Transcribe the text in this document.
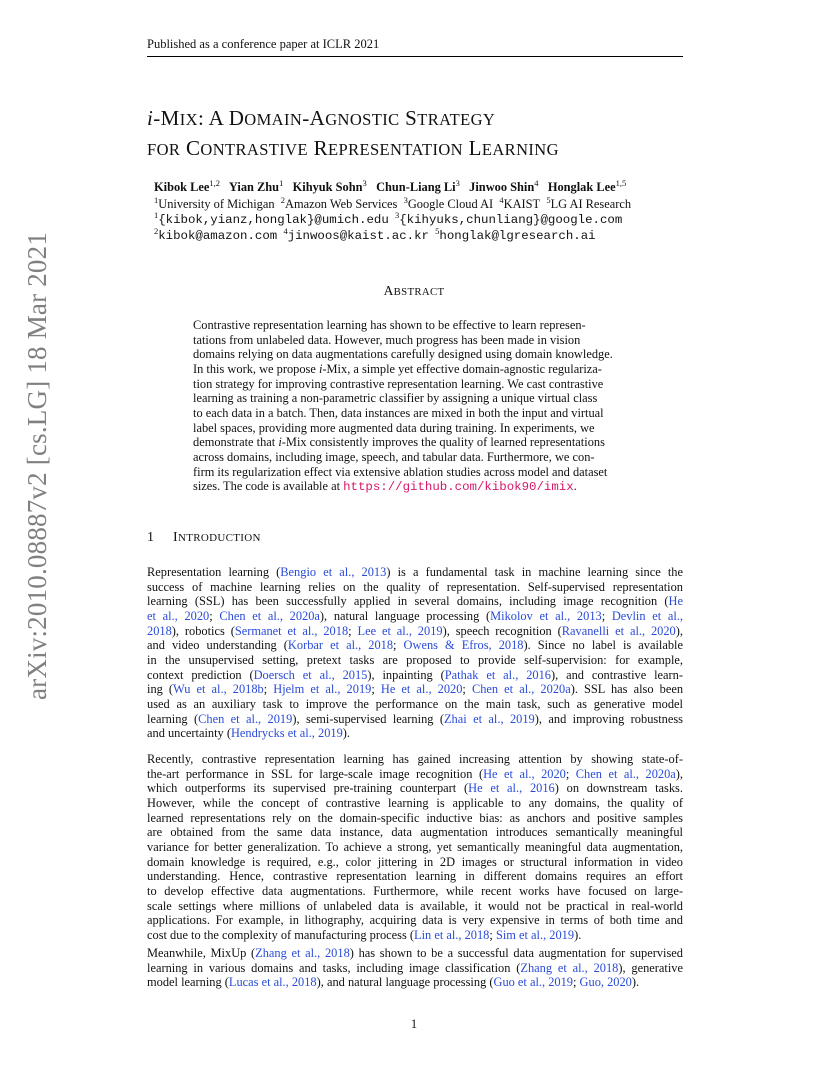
Published as a conference paper at ICLR 2021
arXiv:2010.08887v2 [cs.LG] 18 Mar 2021
i-MIX: A DOMAIN-AGNOSTIC STRATEGY
FOR CONTRASTIVE REPRESENTATION LEARNING
Kibok Lee$^{1,2}$ Yian Zhu$^1$ Kihyuk Sohn$^3$ Chun-Liang Li$^3$ Jinwoo Shin$^4$ Honglak Lee$^{1,5}$
$^1$University of Michigan $^2$Amazon Web Services $^3$Google Cloud AI $^4$KAIST $^5$LG AI Research
$^1${kibok,yianz,honglak}@umich.edu $^3${kihyuks,chunliang}@google.com
$^2$kibok@amazon.com $^4$jinwoos@kaist.ac.kr $^5$honglak@lgresearch.ai
ABSTRACT
Contrastive representation learning has shown to be effective to learn represen-
tations from unlabeled data. However, much progress has been made in vision
domains relying on data augmentations carefully designed using domain knowledge.
In this work, we propose i-Mix, a simple yet effective domain-agnostic regulariza-
tion strategy for improving contrastive representation learning. We cast contrastive
learning as training a non-parametric classifier by assigning a unique virtual class
to each data in a batch. Then, data instances are mixed in both the input and virtual
label spaces, providing more augmented data during training. In experiments, we
demonstrate that i-Mix consistently improves the quality of learned representations
across domains, including image, speech, and tabular data. Furthermore, we con-
firm its regularization effect via extensive ablation studies across model and dataset
sizes. The code is available at https://github.com/kibok90/imix.
1 INTRODUCTION
Representation learning (Bengio et al., 2013) is a fundamental task in machine learning since the
success of machine learning relies on the quality of representation. Self-supervised representation
learning (SSL) has been successfully applied in several domains, including image recognition (He
et al., 2020; Chen et al., 2020a), natural language processing (Mikolov et al., 2013; Devlin et al.,
2018), robotics (Sermanet et al., 2018; Lee et al., 2019), speech recognition (Ravanelli et al., 2020),
and video understanding (Korbar et al., 2018; Owens & Efros, 2018). Since no label is available
in the unsupervised setting, pretext tasks are proposed to provide self-supervision: for example,
context prediction (Doersch et al., 2015), inpainting (Pathak et al., 2016), and contrastive learn-
ing (Wu et al., 2018b; Hjelm et al., 2019; He et al., 2020; Chen et al., 2020a). SSL has also been
used as an auxiliary task to improve the performance on the main task, such as generative model
learning (Chen et al., 2019), semi-supervised learning (Zhai et al., 2019), and improving robustness
and uncertainty (Hendrycks et al., 2019).
Recently, contrastive representation learning has gained increasing attention by showing state-of-
the-art performance in SSL for large-scale image recognition (He et al., 2020; Chen et al., 2020a),
which outperforms its supervised pre-training counterpart (He et al., 2016) on downstream tasks.
However, while the concept of contrastive learning is applicable to any domains, the quality of
learned representations rely on the domain-specific inductive bias: as anchors and positive samples
are obtained from the same data instance, data augmentation introduces semantically meaningful
variance for better generalization. To achieve a strong, yet semantically meaningful data augmentation,
domain knowledge is required, e.g., color jittering in 2D images or structural information in video
understanding. Hence, contrastive representation learning in different domains requires an effort
to develop effective data augmentations. Furthermore, while recent works have focused on large-
scale settings where millions of unlabeled data is available, it would not be practical in real-world
applications. For example, in lithography, acquiring data is very expensive in terms of both time and
cost due to the complexity of manufacturing process (Lin et al., 2018; Sim et al., 2019).
Meanwhile, MixUp (Zhang et al., 2018) has shown to be a successful data augmentation for supervised
learning in various domains and tasks, including image classification (Zhang et al., 2018), generative
model learning (Lucas et al., 2018), and natural language processing (Guo et al., 2019; Guo, 2020).
1
